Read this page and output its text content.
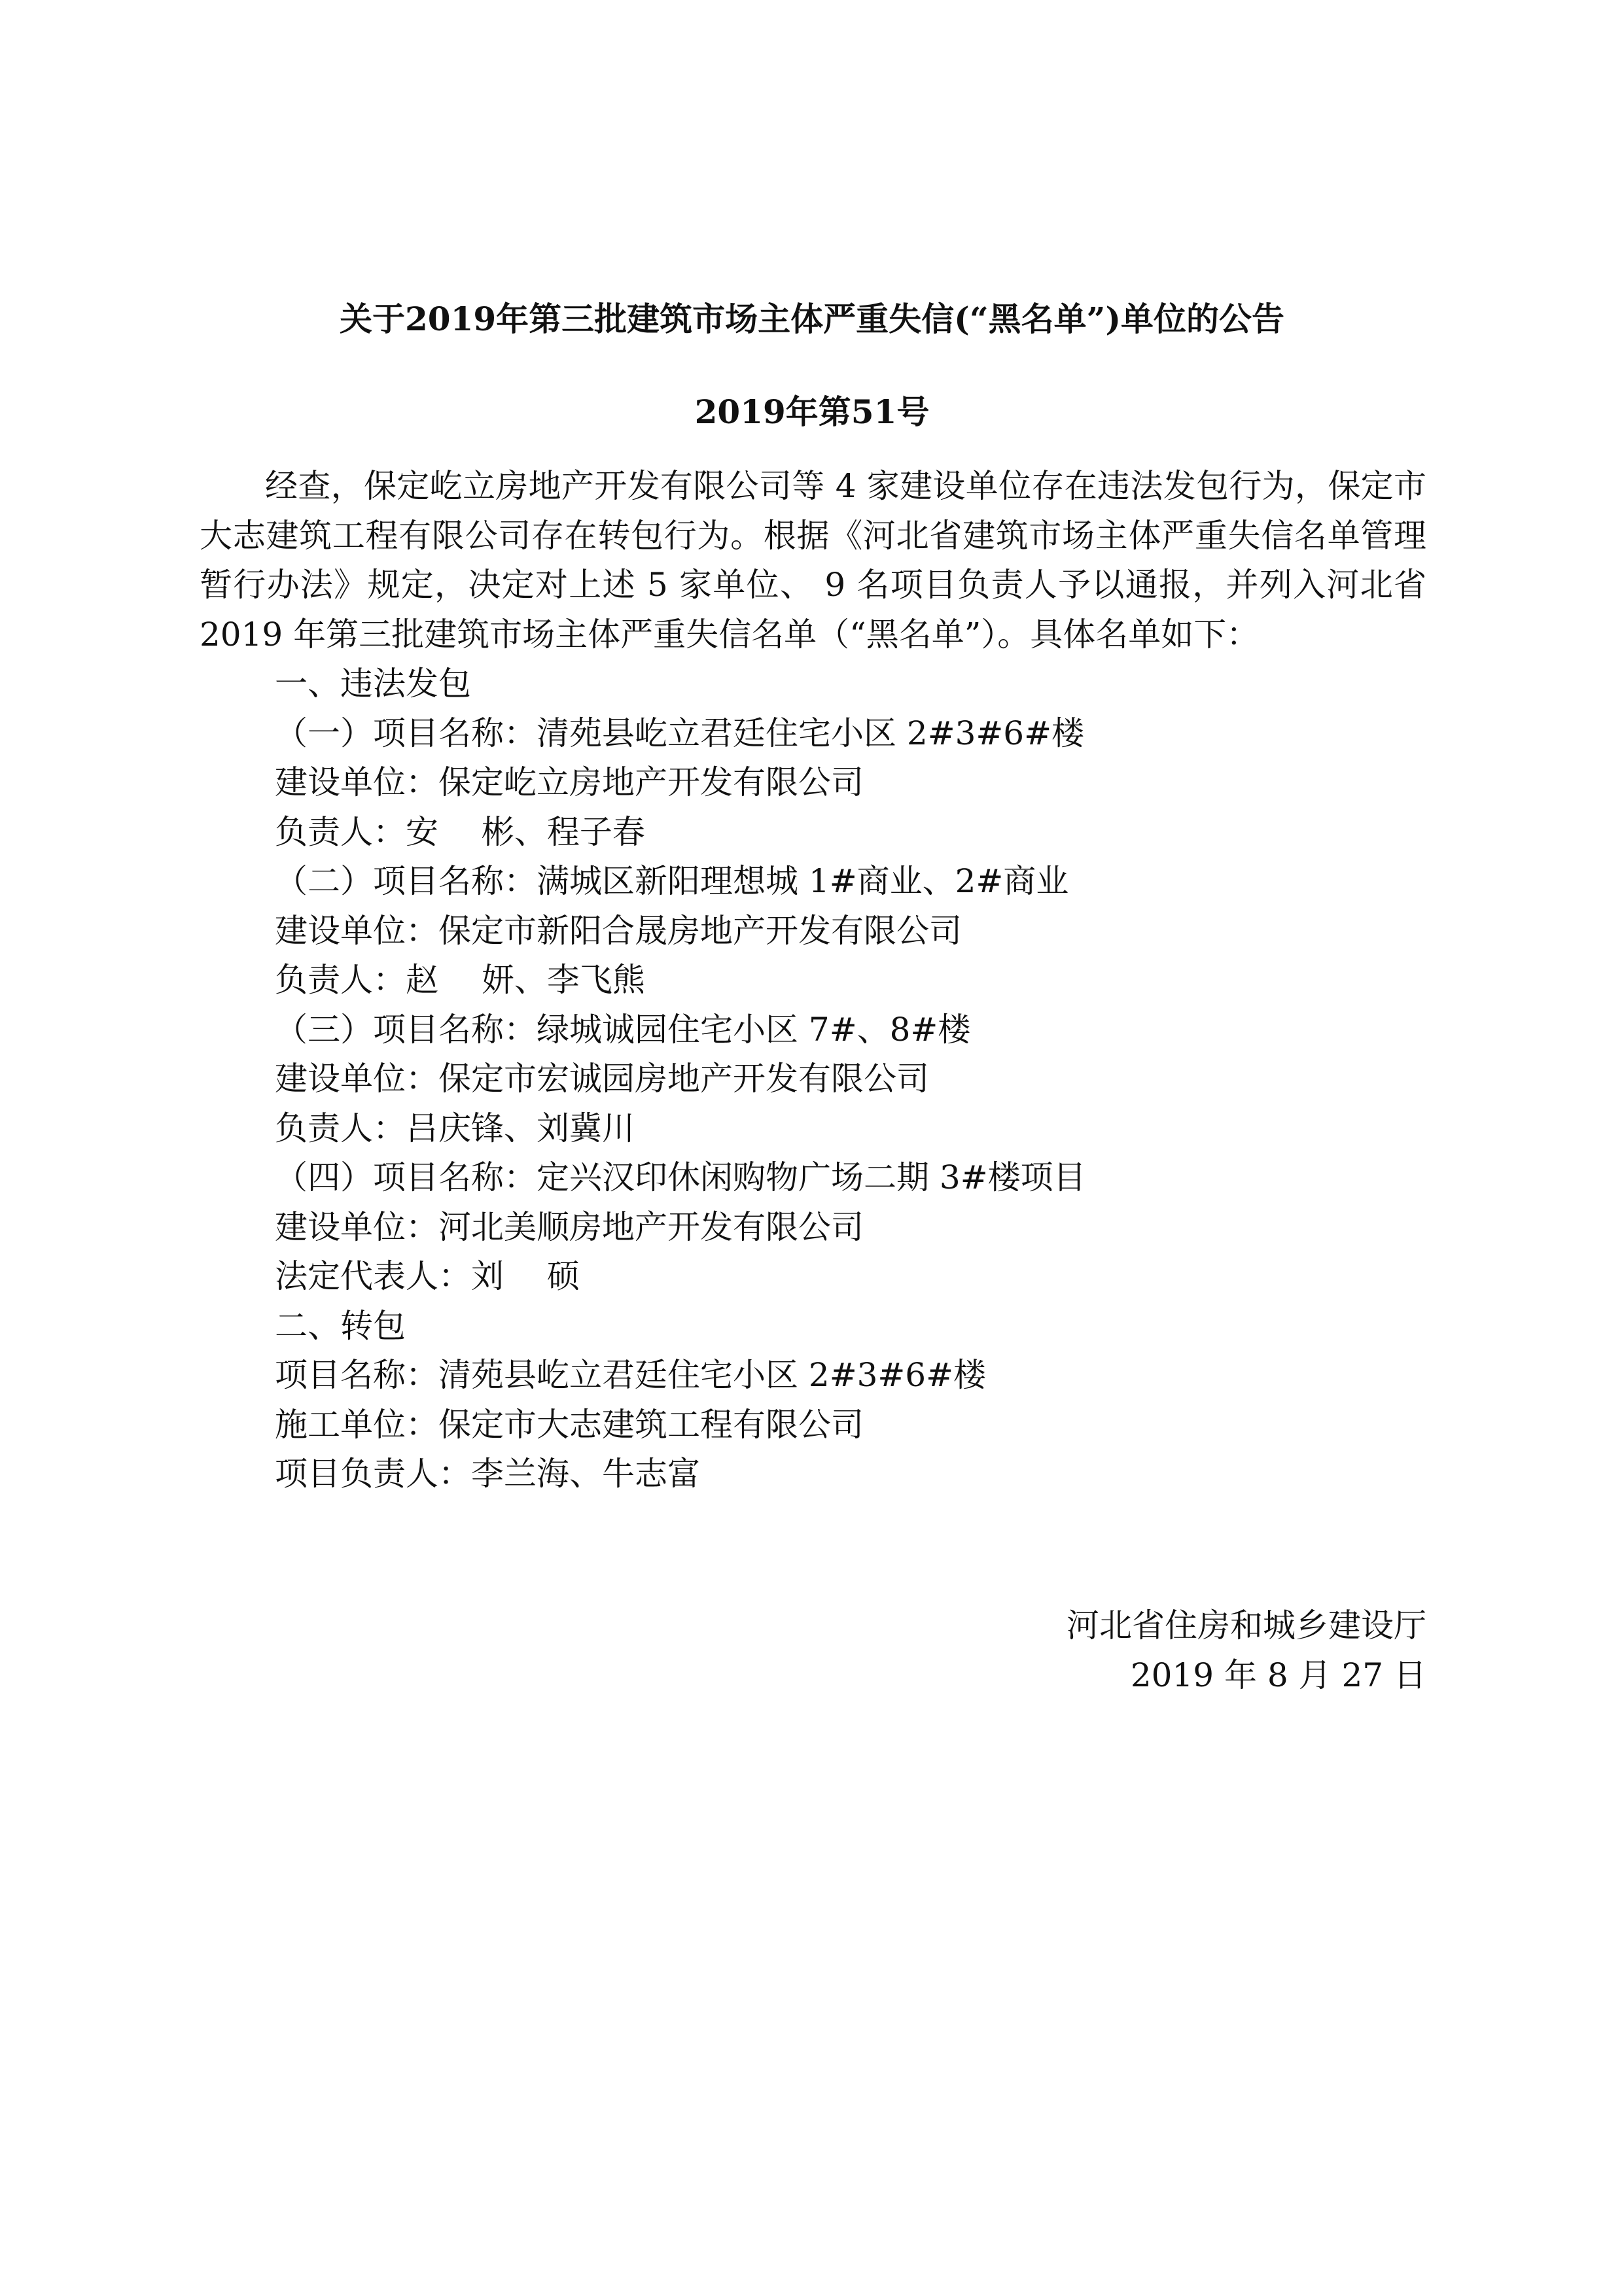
关于2019年第三批建筑市场主体严重失信(“黑名单”)单位的公告
2019年第51号

经查，保定屹立房地产开发有限公司等 4 家建设单位存在违法发包行为，保定市大志建筑工程有限公司存在转包行为。根据《河北省建筑市场主体严重失信名单管理暂行办法》规定，决定对上述 5 家单位、 9 名项目负责人予以通报，并列入河北省 2019 年第三批建筑市场主体严重失信名单（“黑名单”）。具体名单如下：

一、违法发包

（一）项目名称：清苑县屹立君廷住宅小区 2#3#6#楼

建设单位：保定屹立房地产开发有限公司

负责人：安　 彬、程子春

（二）项目名称：满城区新阳理想城 1#商业、2#商业

建设单位：保定市新阳合晟房地产开发有限公司

负责人：赵　 妍、李飞熊

（三）项目名称：绿城诚园住宅小区 7#、8#楼

建设单位：保定市宏诚园房地产开发有限公司

负责人：吕庆锋、刘冀川

（四）项目名称：定兴汉印休闲购物广场二期 3#楼项目

建设单位：河北美顺房地产开发有限公司

法定代表人：刘　 硕

二、转包

项目名称：清苑县屹立君廷住宅小区 2#3#6#楼

施工单位：保定市大志建筑工程有限公司

项目负责人：李兰海、牛志富

河北省住房和城乡建设厅
2019 年 8 月 27 日
